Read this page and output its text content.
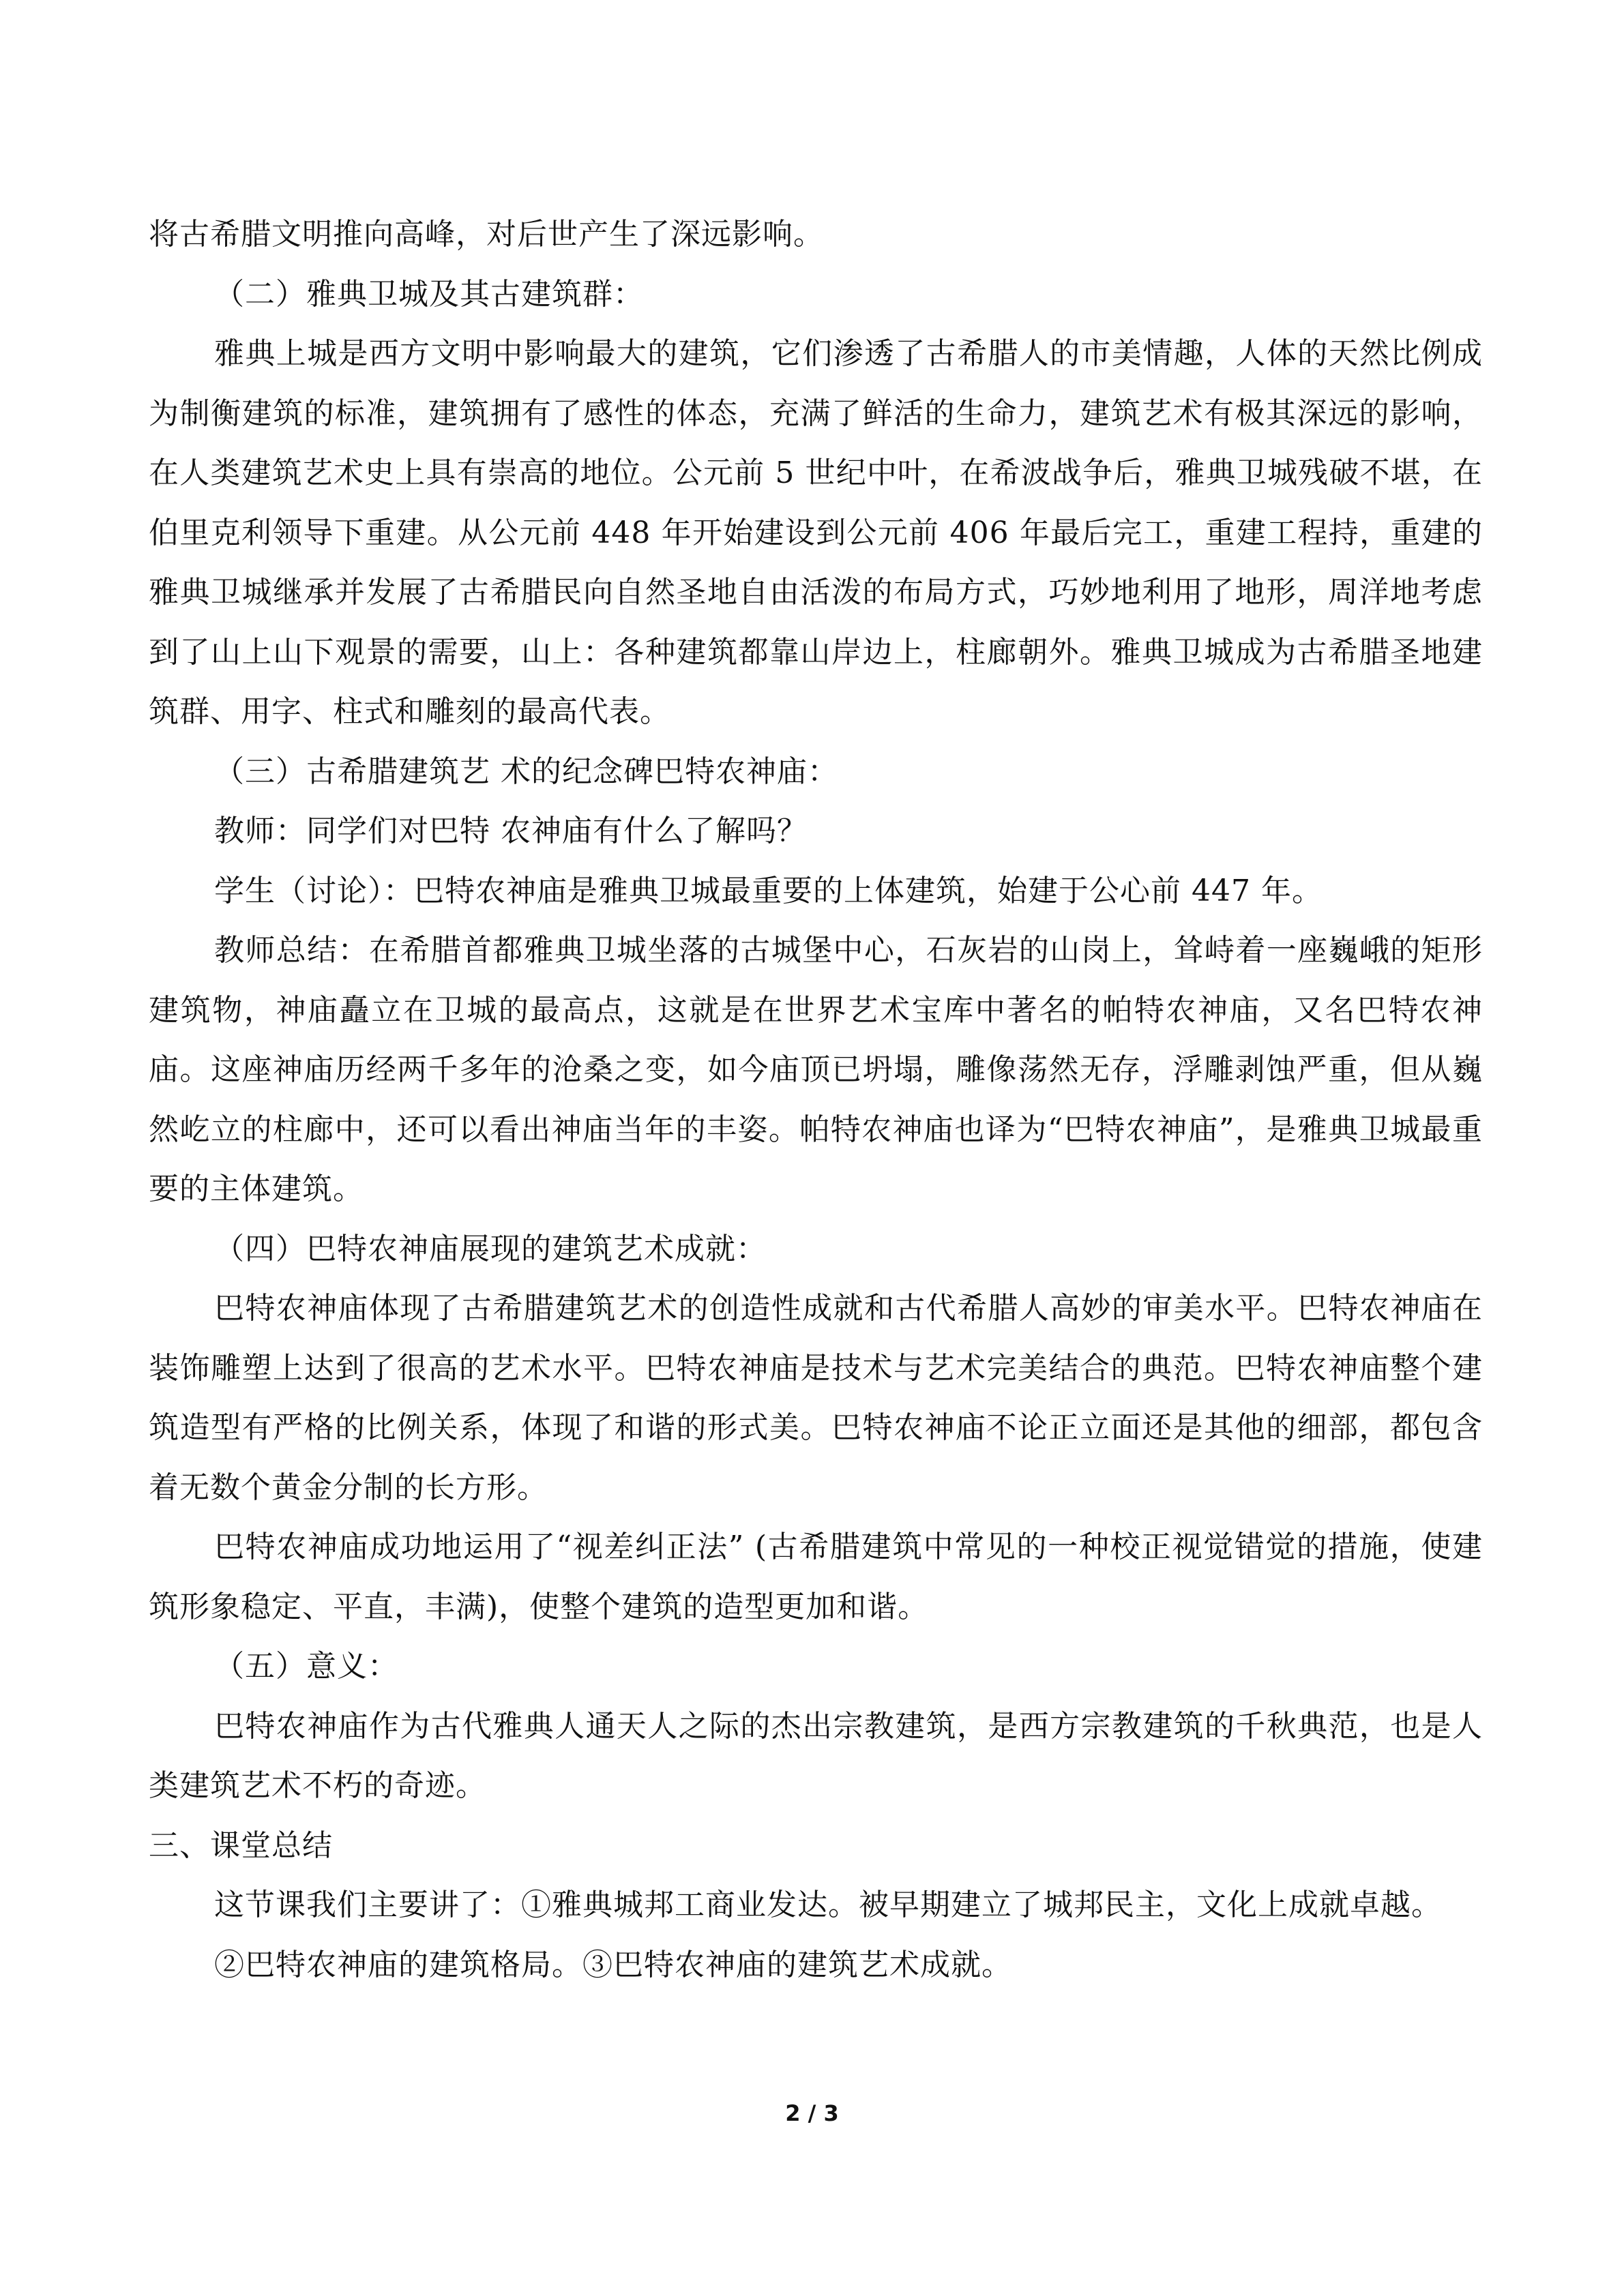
将古希腊文明推向高峰，对后世产生了深远影响。

（二）雅典卫城及其古建筑群：

雅典上城是西方文明中影响最大的建筑，它们渗透了古希腊人的市美情趣，人体的天然比例成为制衡建筑的标准，建筑拥有了感性的体态，充满了鲜活的生命力，建筑艺术有极其深远的影响，在人类建筑艺术史上具有崇高的地位。公元前 5 世纪中叶，在希波战争后，雅典卫城残破不堪，在伯里克利领导下重建。从公元前 448 年开始建设到公元前 406 年最后完工，重建工程持，重建的雅典卫城继承并发展了古希腊民向自然圣地自由活泼的布局方式，巧妙地利用了地形，周洋地考虑到了山上山下观景的需要，山上：各种建筑都靠山岸边上，柱廊朝外。雅典卫城成为古希腊圣地建筑群、用字、柱式和雕刻的最高代表。

（三）古希腊建筑艺 术的纪念碑巴特农神庙：

教师：同学们对巴特 农神庙有什么了解吗？

学生（讨论）：巴特农神庙是雅典卫城最重要的上体建筑，始建于公心前 447 年。

教师总结：在希腊首都雅典卫城坐落的古城堡中心，石灰岩的山岗上，耸峙着一座巍峨的矩形建筑物，神庙矗立在卫城的最高点，这就是在世界艺术宝库中著名的帕特农神庙，又名巴特农神庙。这座神庙历经两千多年的沧桑之变，如今庙顶已坍塌，雕像荡然无存，浮雕剥蚀严重，但从巍然屹立的柱廊中，还可以看出神庙当年的丰姿。帕特农神庙也译为“巴特农神庙”，是雅典卫城最重要的主体建筑。

（四）巴特农神庙展现的建筑艺术成就：

巴特农神庙体现了古希腊建筑艺术的创造性成就和古代希腊人高妙的审美水平。巴特农神庙在装饰雕塑上达到了很高的艺术水平。巴特农神庙是技术与艺术完美结合的典范。巴特农神庙整个建筑造型有严格的比例关系，体现了和谐的形式美。巴特农神庙不论正立面还是其他的细部，都包含着无数个黄金分制的长方形。

巴特农神庙成功地运用了“视差纠正法” (古希腊建筑中常见的一种校正视觉错觉的措施，使建筑形象稳定、平直，丰满)，使整个建筑的造型更加和谐。

（五）意义：

巴特农神庙作为古代雅典人通天人之际的杰出宗教建筑，是西方宗教建筑的千秋典范，也是人类建筑艺术不朽的奇迹。

三、课堂总结

这节课我们主要讲了：①雅典城邦工商业发达。被早期建立了城邦民主，文化上成就卓越。

②巴特农神庙的建筑格局。③巴特农神庙的建筑艺术成就。

2 / 3
